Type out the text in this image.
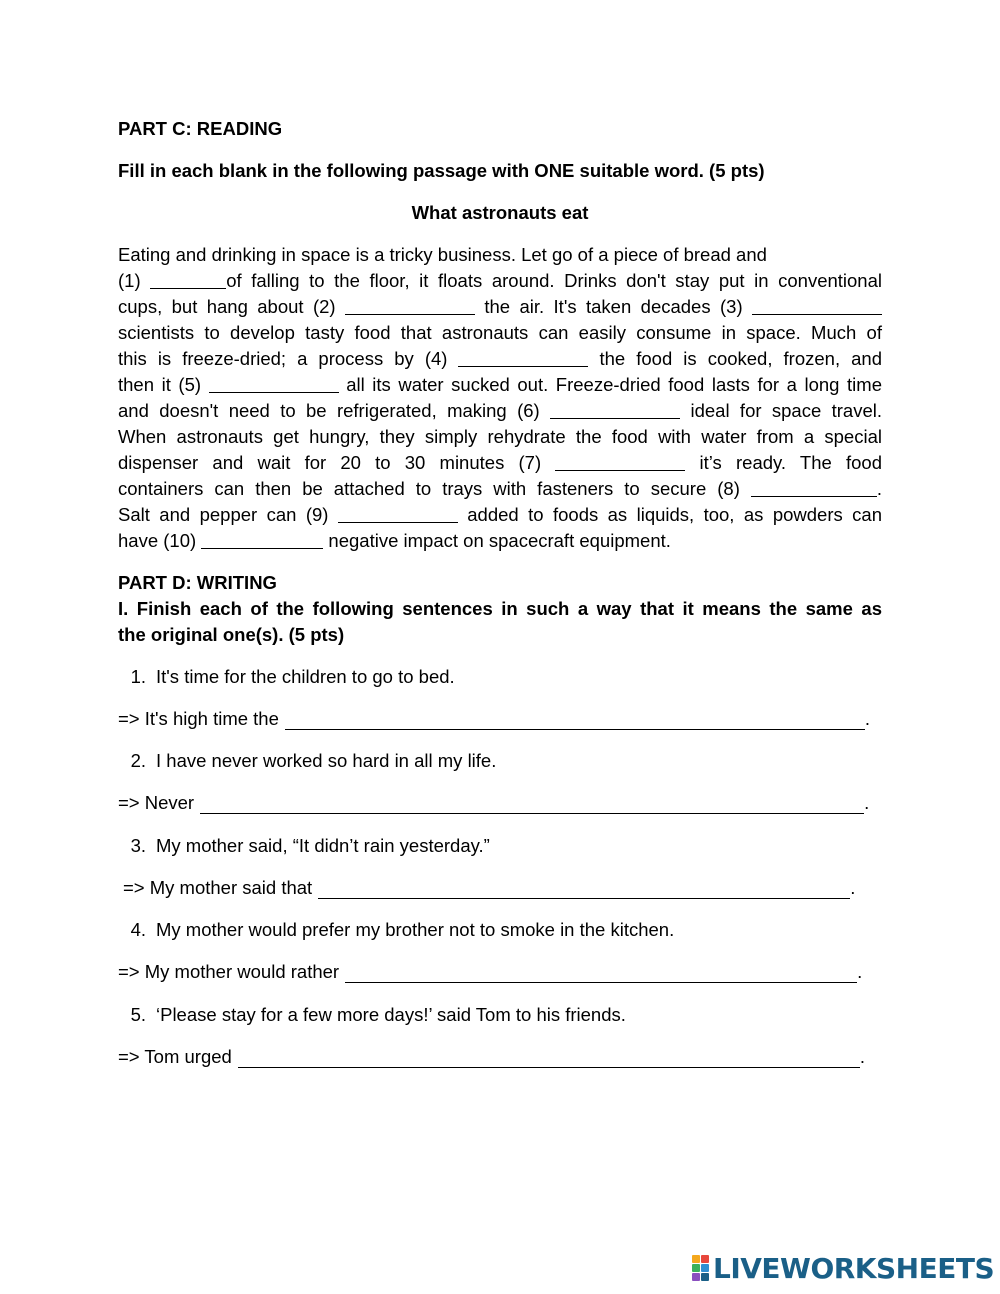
PART C: READING
Fill in each blank in the following passage with ONE suitable word. (5 pts)
What astronauts eat
Eating and drinking in space is a tricky business. Let go of a piece of bread and
(1)	of falling to the floor, it floats around. Drinks don't stay put in conventional
cups, but hang about (2)	the air. It's taken decades (3)
scientists to develop tasty food that astronauts can easily consume in space. Much of
this is freeze-dried; a process by (4)	the food is cooked, frozen, and
then it (5)	all its water sucked out. Freeze-dried food lasts for a long time
and doesn't need to be refrigerated, making (6)	ideal for space travel.
When astronauts get hungry, they simply rehydrate the food with water from a special
dispenser and wait for 20 to 30 minutes (7)	it’s ready. The food
containers can then be attached to trays with fasteners to secure (8)	.
Salt and pepper can (9)	added to foods as liquids, too, as powders can
have (10)	negative impact on spacecraft equipment.
PART D: WRITING
I. Finish each of the following sentences in such a way that it means the same as
the original one(s). (5 pts)
1. It's time for the children to go to bed.
=> It's high time the	.
2. I have never worked so hard in all my life.
=> Never	.
3. My mother said, “It didn’t rain yesterday.”
=> My mother said that	.
4. My mother would prefer my brother not to smoke in the kitchen.
=> My mother would rather	.
5. ‘Please stay for a few more days!’ said Tom to his friends.
=> Tom urged	.
LIVEWORKSHEETS
